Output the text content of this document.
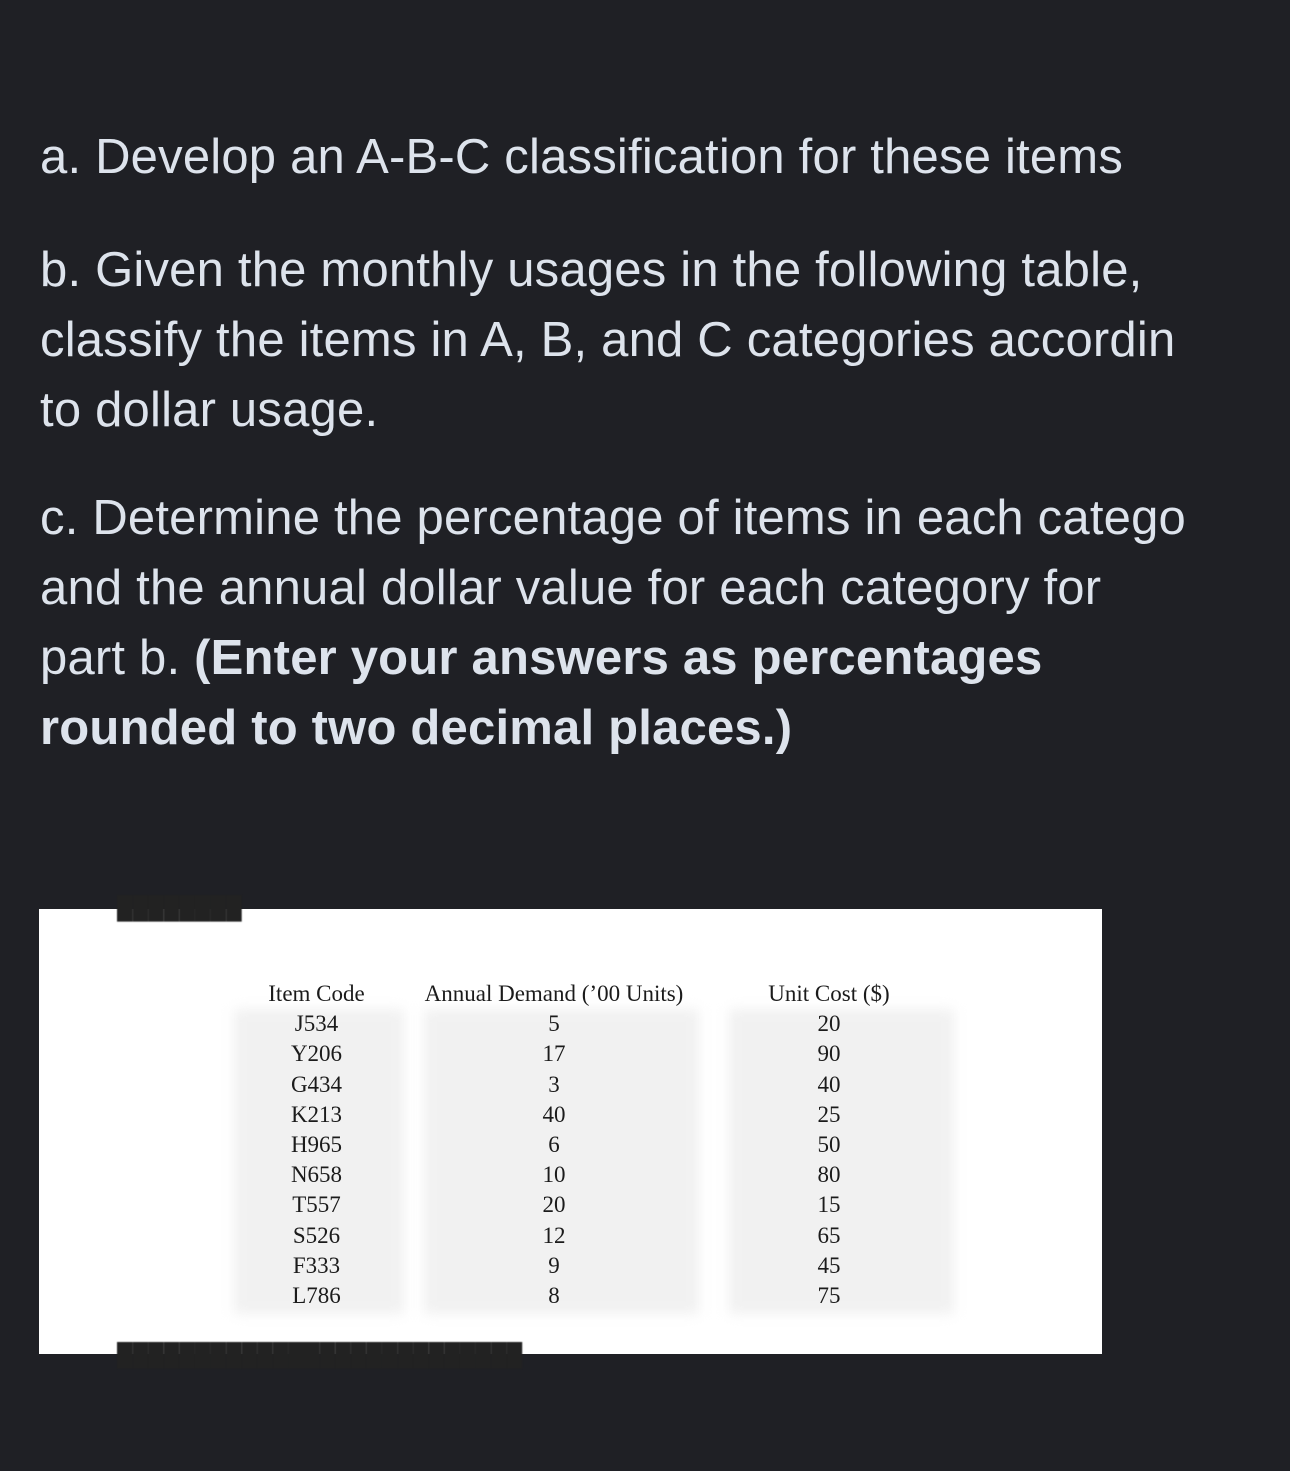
a. Develop an A-B-C classification for these items
b. Given the monthly usages in the following table,
classify the items in A, B, and C categories accordin
to dollar usage.
c. Determine the percentage of items in each catego
and the annual dollar value for each category for
part b. (Enter your answers as percentages
rounded to two decimal places.)
████████
Item Code
J534
Y206
G434
K213
H965
N658
T557
S526
F333
L786
Annual Demand (’00 Units)
5
17
3
40
6
10
20
12
9
8
Unit Cost ($)
20
90
40
25
50
80
15
65
45
75
██████████████████████████
